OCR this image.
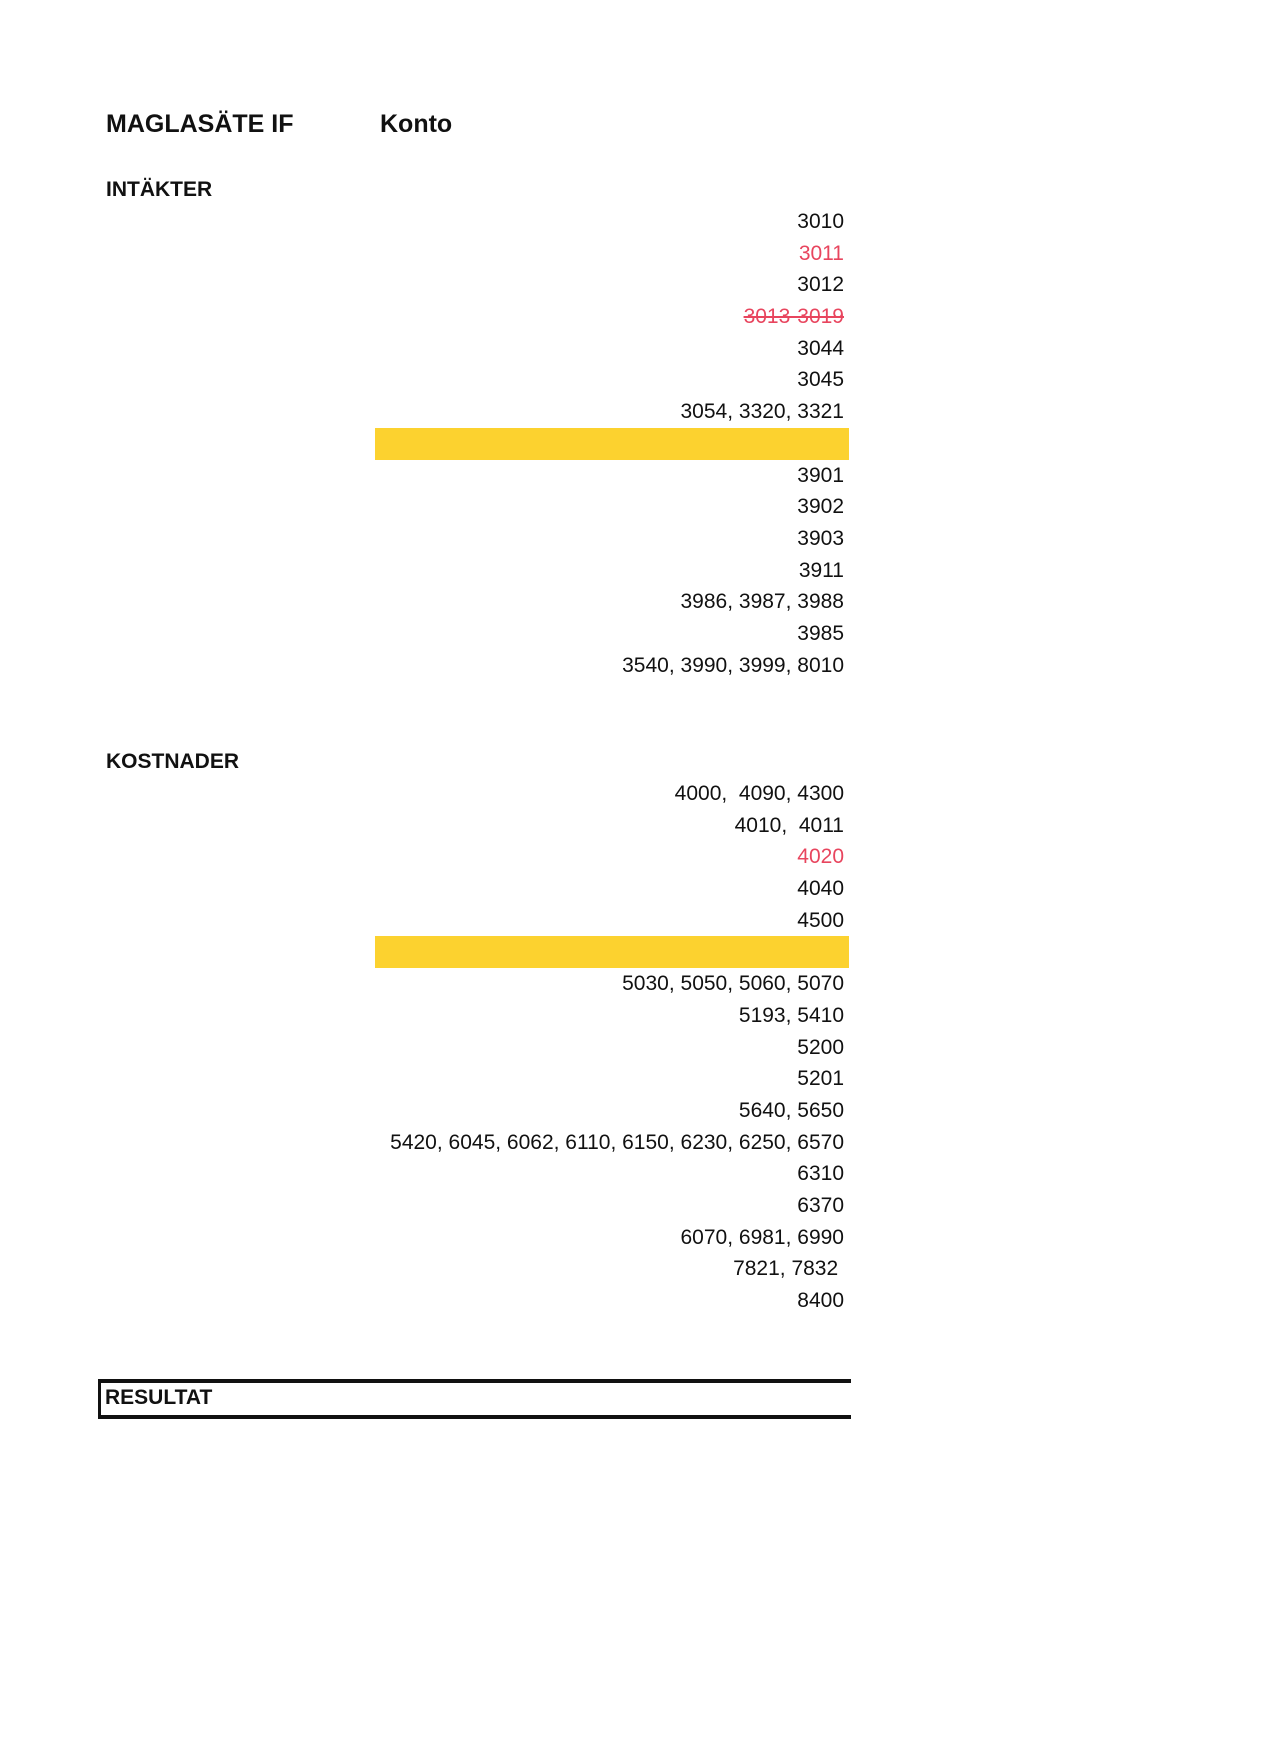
MAGLASÄTE IF	Konto
INTÄKTER
3010
3011
3012
3013-3019
3044
3045
3054, 3320, 3321
3901
3902
3903
3911
3986, 3987, 3988
3985
3540, 3990, 3999, 8010
KOSTNADER
4000,  4090, 4300
4010,  4011
4020
4040
4500
5030, 5050, 5060, 5070
5193, 5410
5200
5201
5640, 5650
5420, 6045, 6062, 6110, 6150, 6230, 6250, 6570
6310
6370
6070, 6981, 6990
7821, 7832
8400
RESULTAT
